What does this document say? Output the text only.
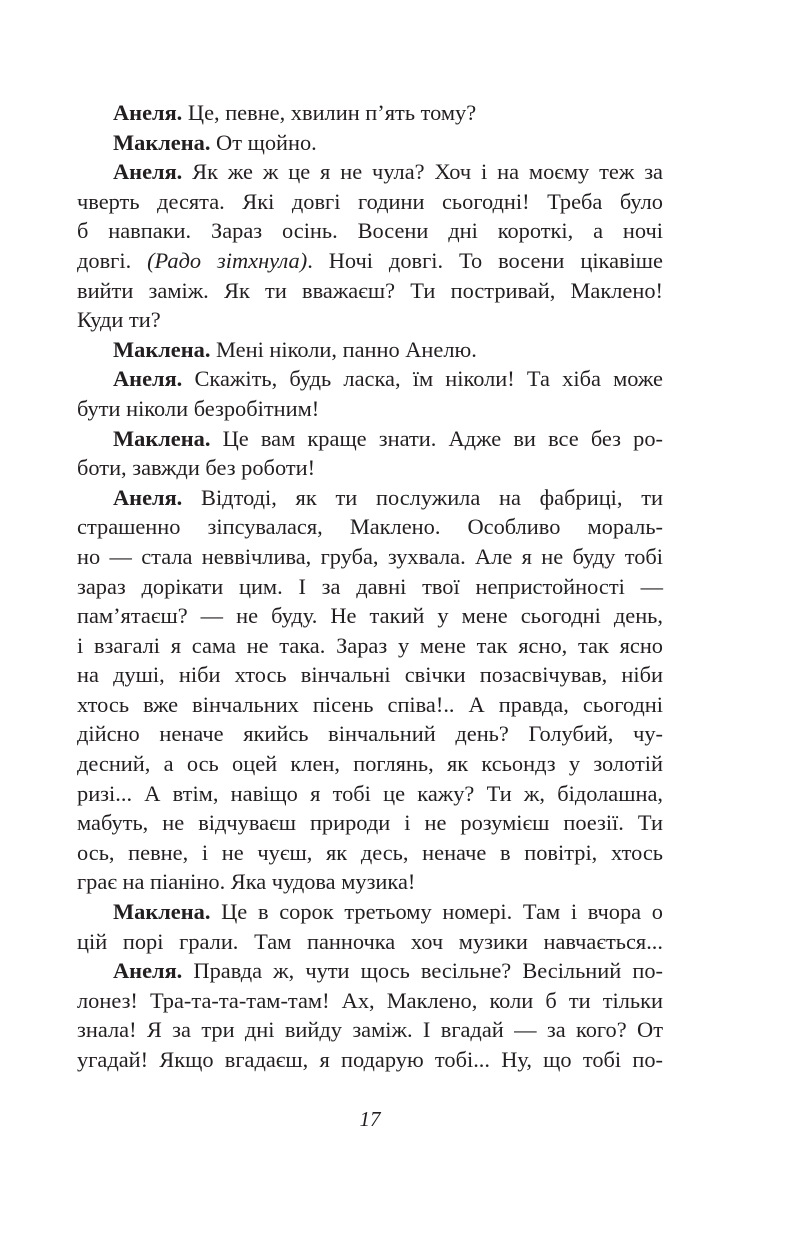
Анеля. Це, певне, хвилин п’ять тому?
Маклена. От щойно.
Анеля. Як же ж це я не чула? Хоч і на моєму теж за
чверть десята. Які довгі години сьогодні! Треба було
б навпаки. Зараз осінь. Восени дні короткі, а ночі
довгі. (Радо зітхнула). Ночі довгі. То восени цікавіше
вийти заміж. Як ти вважаєш? Ти постривай, Маклено!
Куди ти?
Маклена. Мені ніколи, панно Анелю.
Анеля. Скажіть, будь ласка, їм ніколи! Та хіба може
бути ніколи безробітним!
Маклена. Це вам краще знати. Адже ви все без ро-
боти, завжди без роботи!
Анеля. Відтоді, як ти послужила на фабриці, ти
страшенно зіпсувалася, Маклено. Особливо мораль-
но — стала неввічлива, груба, зухвала. Але я не буду тобі
зараз дорікати цим. І за давні твої непристойності —
пам’ятаєш? — не буду. Не такий у мене сьогодні день,
і взагалі я сама не така. Зараз у мене так ясно, так ясно
на душі, ніби хтось вінчальні свічки позасвічував, ніби
хтось вже вінчальних пісень співа!.. А правда, сьогодні
дійсно неначе якийсь вінчальний день? Голубий, чу-
десний, а ось оцей клен, поглянь, як ксьондз у золотій
ризі... А втім, навіщо я тобі це кажу? Ти ж, бідолашна,
мабуть, не відчуваєш природи і не розумієш поезії. Ти
ось, певне, і не чуєш, як десь, неначе в повітрі, хтось
грає на піаніно. Яка чудова музика!
Маклена. Це в сорок третьому номері. Там і вчора о
цій порі грали. Там панночка хоч музики навчається...
Анеля. Правда ж, чути щось весільне? Весільний по-
лонез! Тра-та-та-там-там! Ах, Маклено, коли б ти тільки
знала! Я за три дні вийду заміж. І вгадай — за кого? От
угадай! Якщо вгадаєш, я подарую тобі... Ну, що тобі по-
17
